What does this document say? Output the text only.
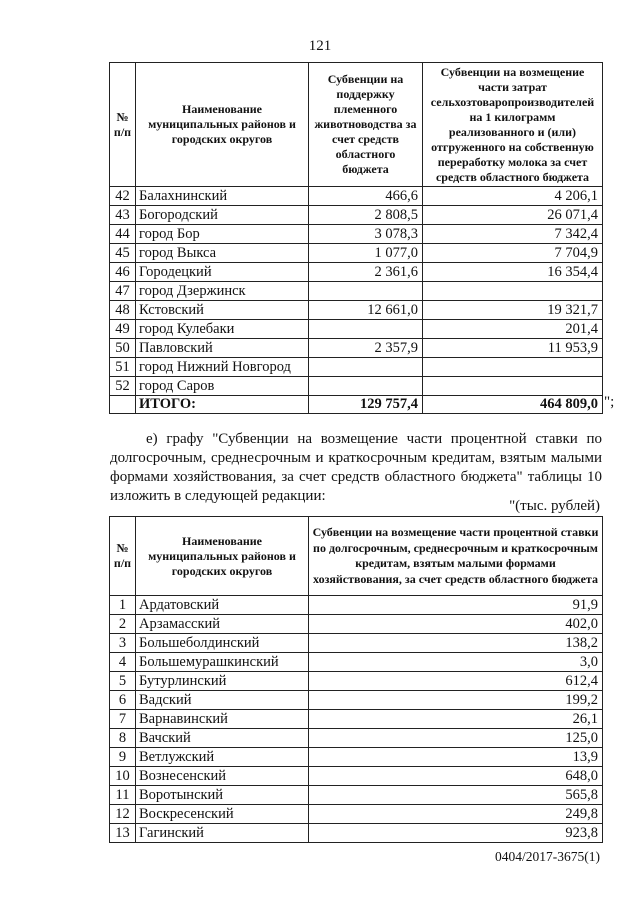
121
№ п/п	Наименование муниципальных районов и городских округов	Субвенции на поддержку племенного животноводства за счет средств областного бюджета	Субвенции на возмещение части затрат сельхозтоваропроизводителей на 1 килограмм реализованного и (или) отгруженного на собственную переработку молока за счет средств областного бюджета
42	Балахнинский	466,6	4 206,1
43	Богородский	2 808,5	26 071,4
44	город Бор	3 078,3	7 342,4
45	город Выкса	1 077,0	7 704,9
46	Городецкий	2 361,6	16 354,4
47	город Дзержинск		
48	Кстовский	12 661,0	19 321,7
49	город Кулебаки		201,4
50	Павловский	2 357,9	11 953,9
51	город Нижний Новгород		
52	город Саров		
	ИТОГО:	129 757,4	464 809,0 ";

е) графу "Субвенции на возмещение части процентной ставки по долгосрочным, среднесрочным и краткосрочным кредитам, взятым малыми формами хозяйствования, за счет средств областного бюджета" таблицы 10 изложить в следующей редакции:

"(тыс. рублей)
№ п/п	Наименование муниципальных районов и городских округов	Субвенции на возмещение части процентной ставки по долгосрочным, среднесрочным и краткосрочным кредитам, взятым малыми формами хозяйствования, за счет средств областного бюджета
1	Ардатовский	91,9
2	Арзамасский	402,0
3	Большеболдинский	138,2
4	Большемурашкинский	3,0
5	Бутурлинский	612,4
6	Вадский	199,2
7	Варнавинский	26,1
8	Вачский	125,0
9	Ветлужский	13,9
10	Вознесенский	648,0
11	Воротынский	565,8
12	Воскресенский	249,8
13	Гагинский	923,8
0404/2017-3675(1)
